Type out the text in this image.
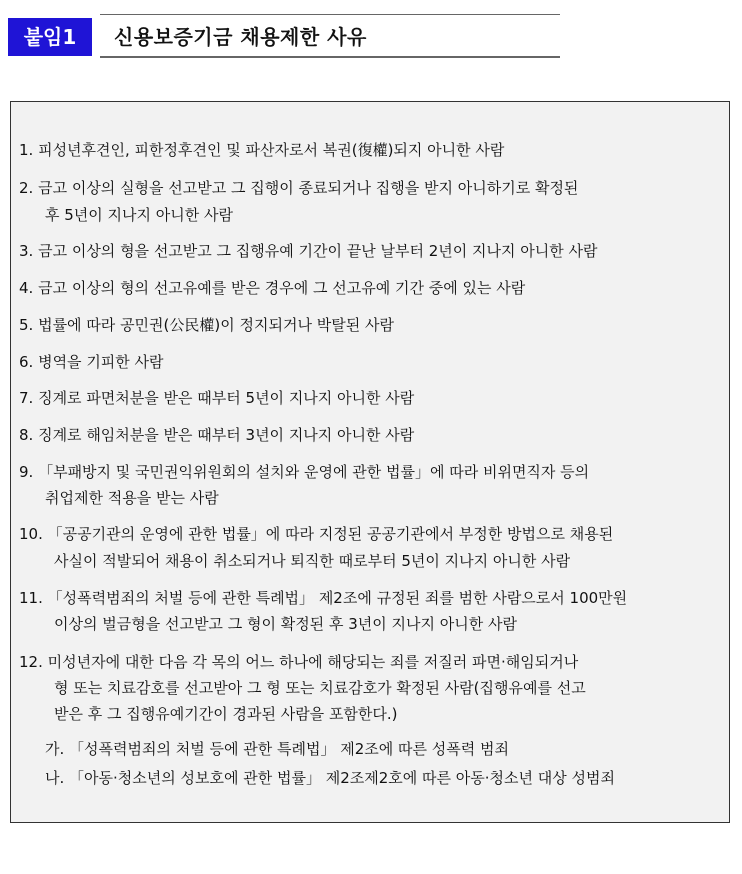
붙임1	신용보증기금 채용제한 사유
1. 피성년후견인, 피한정후견인 및 파산자로서 복권(復權)되지 아니한 사람
2. 금고 이상의 실형을 선고받고 그 집행이 종료되거나 집행을 받지 아니하기로 확정된
후 5년이 지나지 아니한 사람
3. 금고 이상의 형을 선고받고 그 집행유예 기간이 끝난 날부터 2년이 지나지 아니한 사람
4. 금고 이상의 형의 선고유예를 받은 경우에 그 선고유예 기간 중에 있는 사람
5. 법률에 따라 공민권(公民權)이 정지되거나 박탈된 사람
6. 병역을 기피한 사람
7. 징계로 파면처분을 받은 때부터 5년이 지나지 아니한 사람
8. 징계로 해임처분을 받은 때부터 3년이 지나지 아니한 사람
9. 「부패방지 및 국민권익위원회의 설치와 운영에 관한 법률」에 따라 비위면직자 등의
취업제한 적용을 받는 사람
10. 「공공기관의 운영에 관한 법률」에 따라 지정된 공공기관에서 부정한 방법으로 채용된
사실이 적발되어 채용이 취소되거나 퇴직한 때로부터 5년이 지나지 아니한 사람
11. 「성폭력범죄의 처벌 등에 관한 특례법」 제2조에 규정된 죄를 범한 사람으로서 100만원
이상의 벌금형을 선고받고 그 형이 확정된 후 3년이 지나지 아니한 사람
12. 미성년자에 대한 다음 각 목의 어느 하나에 해당되는 죄를 저질러 파면·해임되거나
형 또는 치료감호를 선고받아 그 형 또는 치료감호가 확정된 사람(집행유예를 선고
받은 후 그 집행유예기간이 경과된 사람을 포함한다.)
가. 「성폭력범죄의 처벌 등에 관한 특례법」 제2조에 따른 성폭력 범죄
나. 「아동·청소년의 성보호에 관한 법률」 제2조제2호에 따른 아동·청소년 대상 성범죄
